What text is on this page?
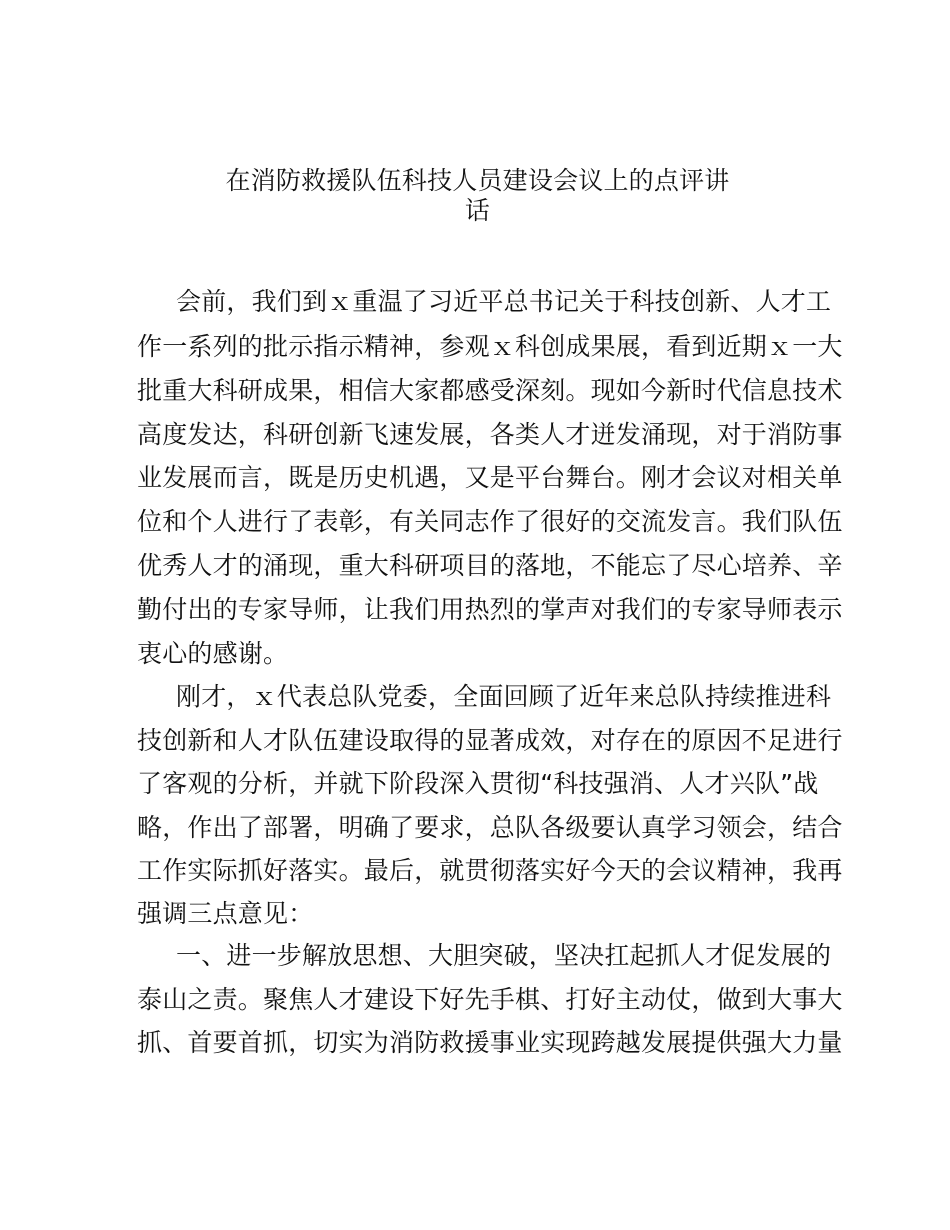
在消防救援队伍科技人员建设会议上的点评讲
话
会前，我们到ｘ重温了习近平总书记关于科技创新、人才工
作一系列的批示指示精神，参观ｘ科创成果展，看到近期ｘ一大
批重大科研成果，相信大家都感受深刻。现如今新时代信息技术
高度发达，科研创新飞速发展，各类人才迸发涌现，对于消防事
业发展而言，既是历史机遇，又是平台舞台。刚才会议对相关单
位和个人进行了表彰，有关同志作了很好的交流发言。我们队伍
优秀人才的涌现，重大科研项目的落地，不能忘了尽心培养、辛
勤付出的专家导师，让我们用热烈的掌声对我们的专家导师表示
衷心的感谢。
刚才，ｘ代表总队党委，全面回顾了近年来总队持续推进科
技创新和人才队伍建设取得的显著成效，对存在的原因不足进行
了客观的分析，并就下阶段深入贯彻“科技强消、人才兴队”战
略，作出了部署，明确了要求，总队各级要认真学习领会，结合
工作实际抓好落实。最后，就贯彻落实好今天的会议精神，我再
强调三点意见：
一、进一步解放思想、大胆突破，坚决扛起抓人才促发展的
泰山之责。聚焦人才建设下好先手棋、打好主动仗，做到大事大
抓、首要首抓，切实为消防救援事业实现跨越发展提供强大力量
